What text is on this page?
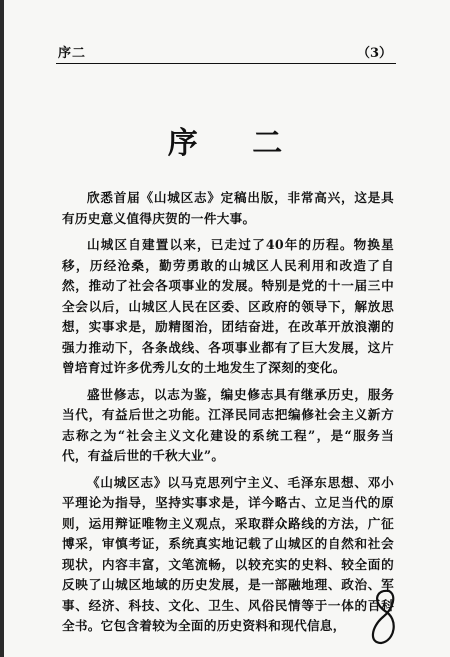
序二	（3）
序 二

欣悉首届《山城区志》定稿出版，非常高兴，这是具有历史意义值得庆贺的一件大事。

山城区自建置以来，已走过了40年的历程。物换星移，历经沧桑，勤劳勇敢的山城区人民利用和改造了自然，推动了社会各项事业的发展。特别是党的十一届三中全会以后，山城区人民在区委、区政府的领导下，解放思想，实事求是，励精图治，团结奋进，在改革开放浪潮的强力推动下，各条战线、各项事业都有了巨大发展，这片曾培育过许多优秀儿女的土地发生了深刻的变化。

盛世修志，以志为鉴，编史修志具有继承历史，服务当代，有益后世之功能。江泽民同志把编修社会主义新方志称之为“社会主义文化建设的系统工程”，是“服务当代，有益后世的千秋大业”。

《山城区志》以马克思列宁主义、毛泽东思想、邓小平理论为指导，坚持实事求是，详今略古、立足当代的原则，运用辩证唯物主义观点，采取群众路线的方法，广征博采，审慎考证，系统真实地记载了山城区的自然和社会现状，内容丰富，文笔流畅，以较充实的史料、较全面的反映了山城区地域的历史发展，是一部融地理、政治、军事、经济、科技、文化、卫生、风俗民情等于一体的百科全书。它包含着较为全面的历史资料和现代信息，
